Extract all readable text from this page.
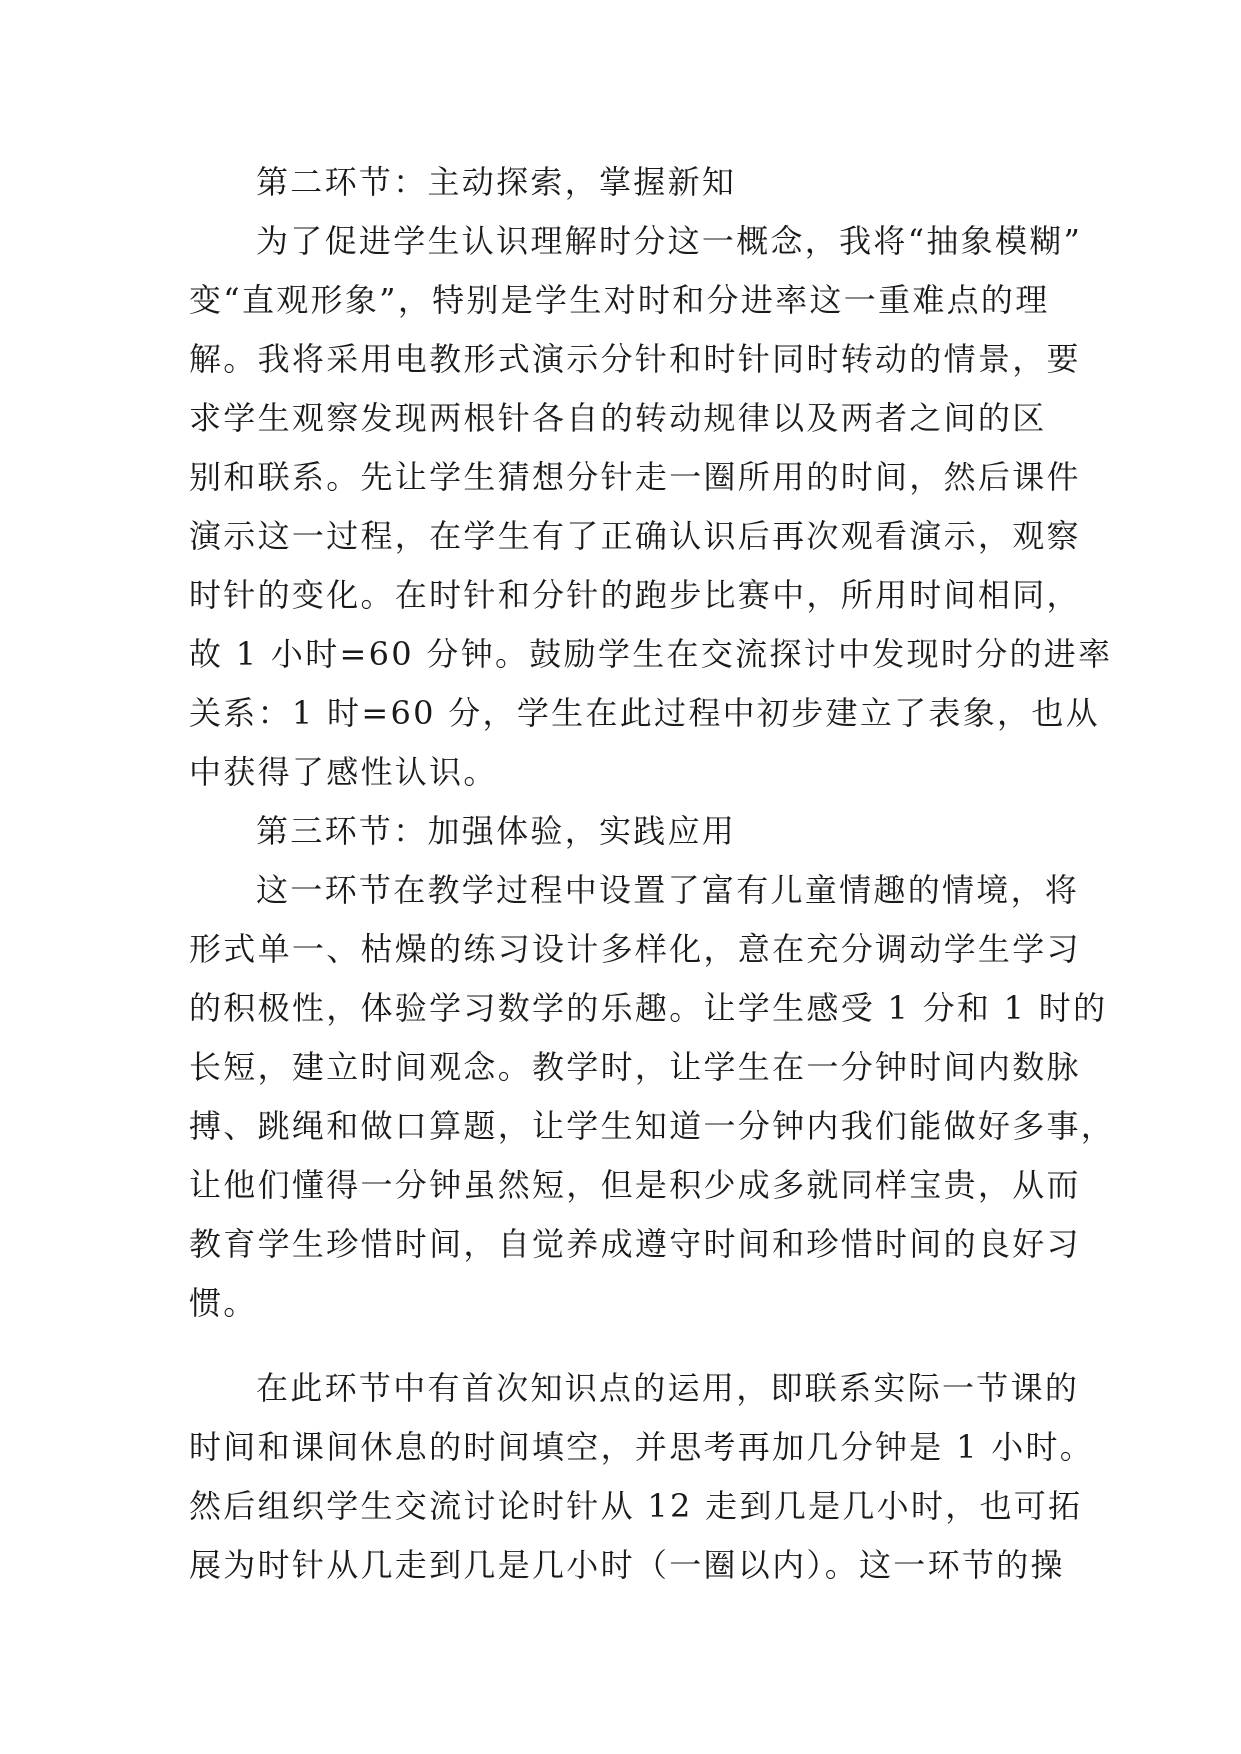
第二环节：主动探索，掌握新知
为了促进学生认识理解时分这一概念，我将“抽象模糊”
变“直观形象”，特别是学生对时和分进率这一重难点的理
解。我将采用电教形式演示分针和时针同时转动的情景，要
求学生观察发现两根针各自的转动规律以及两者之间的区
别和联系。先让学生猜想分针走一圈所用的时间，然后课件
演示这一过程，在学生有了正确认识后再次观看演示，观察
时针的变化。在时针和分针的跑步比赛中，所用时间相同，
故 1 小时=60 分钟。鼓励学生在交流探讨中发现时分的进率
关系：1 时=60 分，学生在此过程中初步建立了表象，也从
中获得了感性认识。
第三环节：加强体验，实践应用
这一环节在教学过程中设置了富有儿童情趣的情境，将
形式单一、枯燥的练习设计多样化，意在充分调动学生学习
的积极性，体验学习数学的乐趣。让学生感受 1 分和 1 时的
长短，建立时间观念。教学时，让学生在一分钟时间内数脉
搏、跳绳和做口算题，让学生知道一分钟内我们能做好多事，
让他们懂得一分钟虽然短，但是积少成多就同样宝贵，从而
教育学生珍惜时间，自觉养成遵守时间和珍惜时间的良好习
惯。
在此环节中有首次知识点的运用，即联系实际一节课的
时间和课间休息的时间填空，并思考再加几分钟是 1 小时。
然后组织学生交流讨论时针从 12 走到几是几小时，也可拓
展为时针从几走到几是几小时（一圈以内）。这一环节的操
